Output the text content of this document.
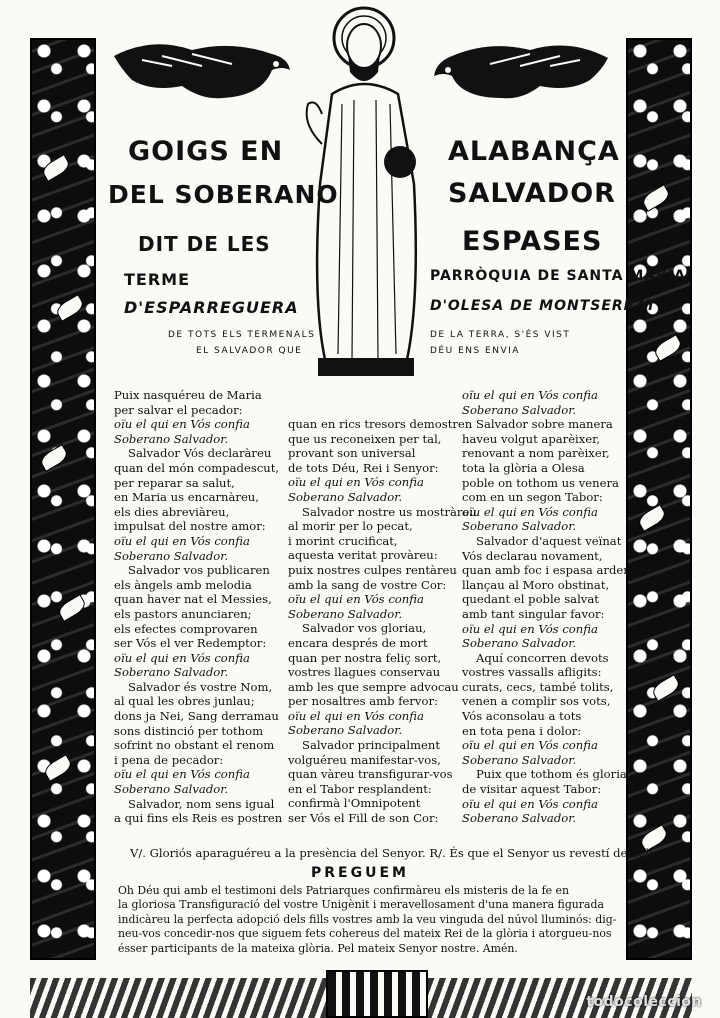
GOIGS EN	ALABANÇA
DEL SOBERANO	SALVADOR
DIT DE LES	ESPASES
TERME	PARRÒQUIA DE SANTA MARIA
D'ESPARREGUERA	D'OLESA DE MONTSERRAT
DE TOTS ELS TERMENALS
EL SALVADOR QUE
DE LA TERRA, S'ÉS VIST
DÉU ENS ENVIA
Puix nasquéreu de Maria
per salvar el pecador:
oïu el qui en Vós confia
Soberano Salvador.
Salvador Vós declaràreu
quan del món compadescut,
per reparar sa salut,
en Maria us encarnàreu,
els dies abreviàreu,
impulsat del nostre amor:
oïu el qui en Vós confia
Soberano Salvador.
Salvador vos publicaren
els àngels amb melodia
quan haver nat el Messies,
els pastors anunciaren;
els efectes comprovaren
ser Vós el ver Redemptor:
oïu el qui en Vós confia
Soberano Salvador.
Salvador és vostre Nom,
al qual les obres junlau;
dons ja Nei, Sang derramau
sons distinció per tothom
sofrint no obstant el renom
i pena de pecador:
oïu el qui en Vós confia
Soberano Salvador.
Salvador, nom sens igual
a qui fins els Reis es postren
quan en rics tresors demostren
que us reconeixen per tal,
provant son universal
de tots Déu, Rei i Senyor:
oïu el qui en Vós confia
Soberano Salvador.
Salvador nostre us mostràreu
al morir per lo pecat,
i morint crucificat,
aquesta veritat provàreu:
puix nostres culpes rentàreu
amb la sang de vostre Cor:
oïu el qui en Vós confia
Soberano Salvador.
Salvador vos gloriau,
encara després de mort
quan per nostra feliç sort,
vostres llagues conservau
amb les que sempre advocau
per nosaltres amb fervor:
oïu el qui en Vós confia
Soberano Salvador.
Salvador principalment
volguéreu manifestar-vos,
quan vàreu transfigurar-vos
en el Tabor resplandent:
confirmà l'Omnipotent
ser Vós el Fill de son Cor:
oïu el qui en Vós confia
Soberano Salvador.
Salvador sobre manera
haveu volgut aparèixer,
renovant a nom parèixer,
tota la glòria a Olesa
poble on tothom us venera
com en un segon Tabor:
oïu el qui en Vós confia
Soberano Salvador.
Salvador d'aquest veïnat
Vós declarau novament,
quan amb foc i espasa ardent
llançau al Moro obstinat,
quedant el poble salvat
amb tant singular favor:
oïu el qui en Vós confia
Soberano Salvador.
Aquí concorren devots
vostres vassalls afligits:
curats, cecs, també tolits,
venen a complir sos vots,
Vós aconsolau a tots
en tota pena i dolor:
oïu el qui en Vós confia
Soberano Salvador.
Puix que tothom és gloria
de visitar aquest Tabor:
oïu el qui en Vós confia
Soberano Salvador.
V/. Gloriós aparaguéreu a la presència del Senyor. R/. És que el Senyor us revestí de bellesa.
PREGUEM
Oh Déu qui amb el testimoni dels Patriarques confirmàreu els misteris de la fe en
la gloriosa Transfiguració del vostre Unigènit i meravellosament d'una manera figurada
indicàreu la perfecta adopció dels fills vostres amb la veu vinguda del núvol lluminós: dig-
neu-vos concedir-nos que siguem fets cohereus del mateix Rei de la glòria i atorgueu-nos
ésser participants de la mateixa glòria. Pel mateix Senyor nostre. Amén.
todocoleccion
